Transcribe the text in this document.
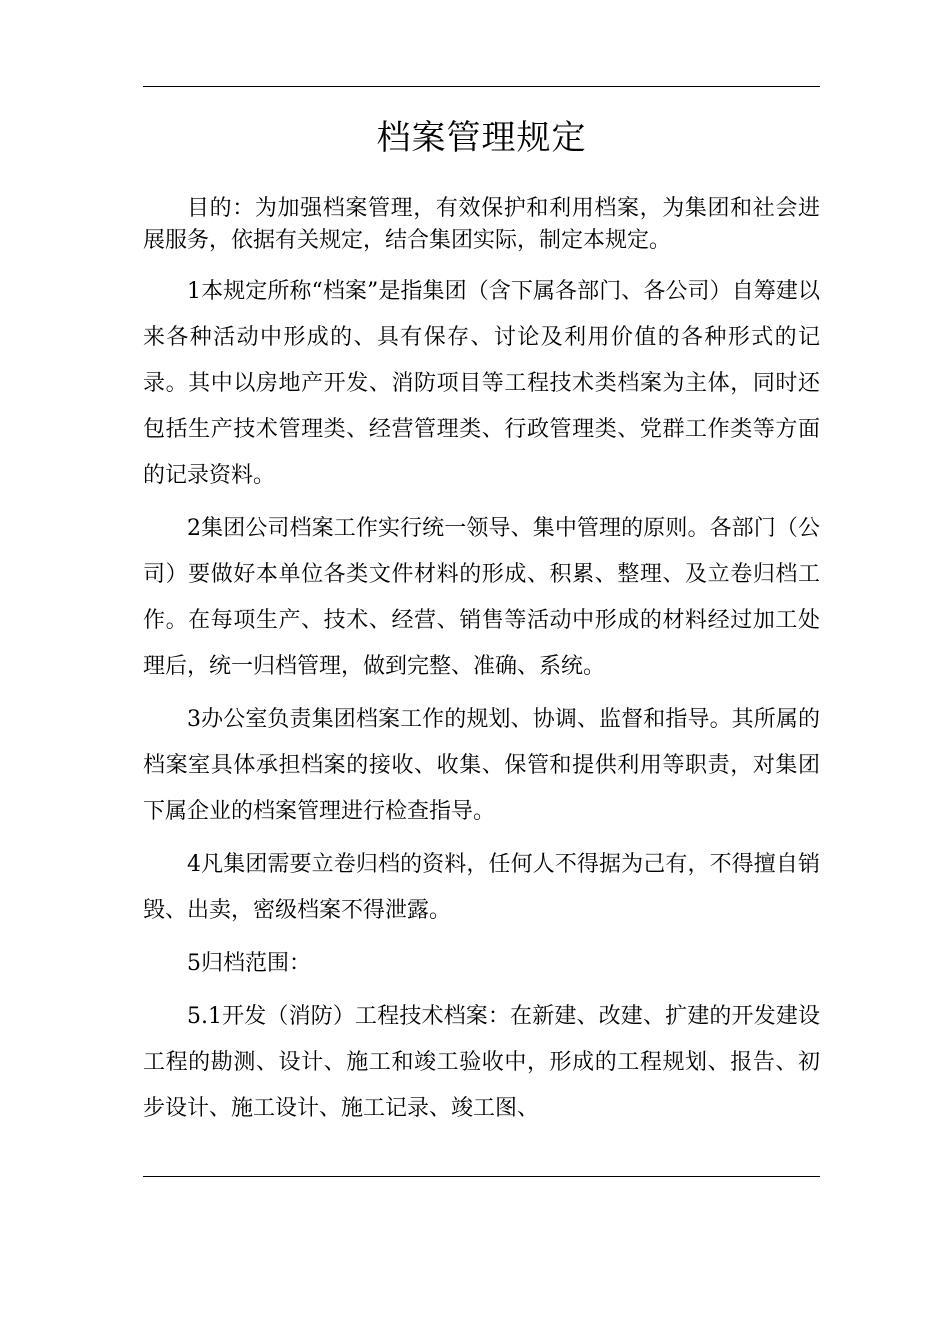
档案管理规定

目的：为加强档案管理，有效保护和利用档案，为集团和社会进展服务，依据有关规定，结合集团实际，制定本规定。

1本规定所称“档案”是指集团（含下属各部门、各公司）自筹建以来各种活动中形成的、具有保存、讨论及利用价值的各种形式的记录。其中以房地产开发、消防项目等工程技术类档案为主体，同时还包括生产技术管理类、经营管理类、行政管理类、党群工作类等方面的记录资料。

2集团公司档案工作实行统一领导、集中管理的原则。各部门（公司）要做好本单位各类文件材料的形成、积累、整理、及立卷归档工作。在每项生产、技术、经营、销售等活动中形成的材料经过加工处理后，统一归档管理，做到完整、准确、系统。

3办公室负责集团档案工作的规划、协调、监督和指导。其所属的档案室具体承担档案的接收、收集、保管和提供利用等职责，对集团下属企业的档案管理进行检查指导。

4凡集团需要立卷归档的资料，任何人不得据为己有，不得擅自销毁、出卖，密级档案不得泄露。

5归档范围：

5.1开发（消防）工程技术档案：在新建、改建、扩建的开发建设工程的勘测、设计、施工和竣工验收中，形成的工程规划、报告、初步设计、施工设计、施工记录、竣工图、
